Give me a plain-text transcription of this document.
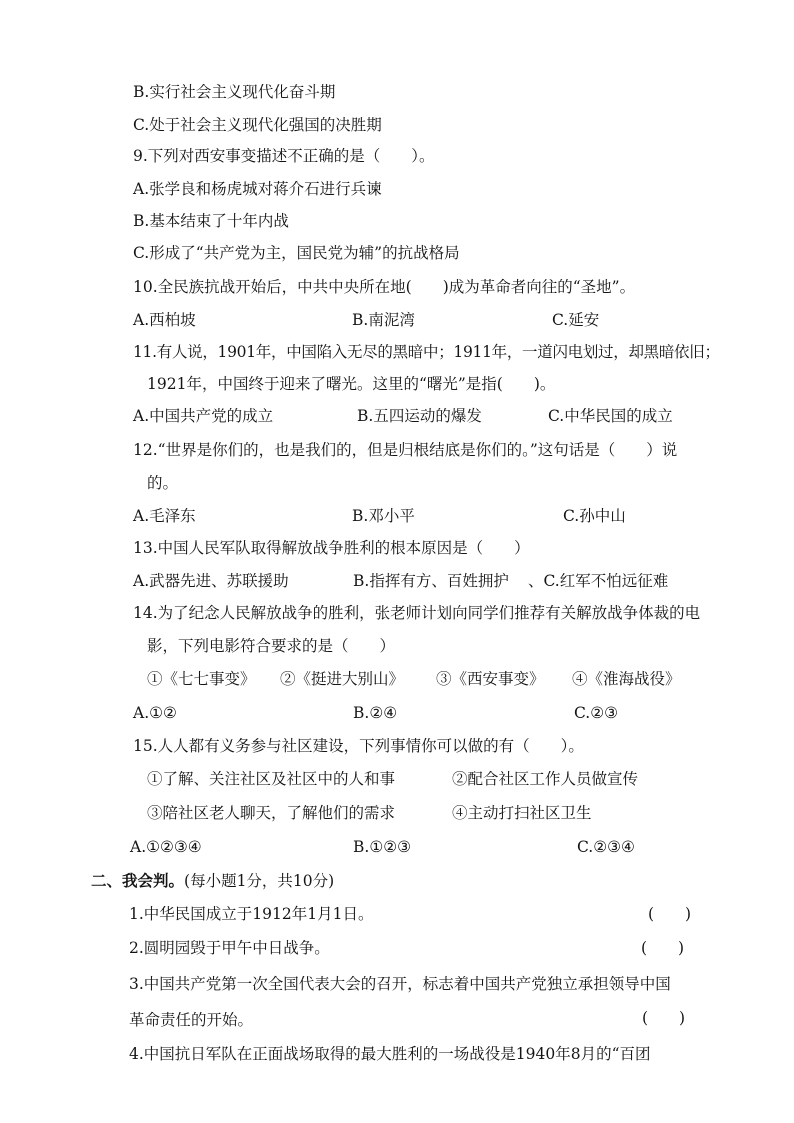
B.实行社会主义现代化奋斗期
C.处于社会主义现代化强国的决胜期
9.下列对西安事变描述不正确的是（　　）。
A.张学良和杨虎城对蒋介石进行兵谏
B.基本结束了十年内战
C.形成了“共产党为主，国民党为辅”的抗战格局
10.全民族抗战开始后，中共中央所在地(　　)成为革命者向往的“圣地”。
A.西柏坡	B.南泥湾	C.延安
11.有人说，1901年，中国陷入无尽的黑暗中；1911年，一道闪电划过，却黑暗依旧；
1921年，中国终于迎来了曙光。这里的“曙光”是指(　　)。
A.中国共产党的成立	B.五四运动的爆发	C.中华民国的成立
12.“世界是你们的，也是我们的，但是归根结底是你们的。”这句话是（　　）说
的。
A.毛泽东	B.邓小平	C.孙中山
13.中国人民军队取得解放战争胜利的根本原因是（　　）
A.武器先进、苏联援助	B.指挥有方、百姓拥护 、C.红军不怕远征难
14.为了纪念人民解放战争的胜利，张老师计划向同学们推荐有关解放战争体裁的电
影，下列电影符合要求的是（　　）
①《七七事变》 ②《挺进大别山》 ③《西安事变》 ④《淮海战役》
A.①②	B.②④	C.②③
15.人人都有义务参与社区建设，下列事情你可以做的有（　　）。
①了解、关注社区及社区中的人和事	②配合社区工作人员做宣传
③陪社区老人聊天，了解他们的需求	④主动打扫社区卫生
A.①②③④	B.①②③	C.②③④
二、我会判。(每小题1分，共10分)
1.中华民国成立于1912年1月1日。	(　　)
2.圆明园毁于甲午中日战争。	(　　)
3.中国共产党第一次全国代表大会的召开，标志着中国共产党独立承担领导中国
革命责任的开始。	(　　)
4.中国抗日军队在正面战场取得的最大胜利的一场战役是1940年8月的“百团
